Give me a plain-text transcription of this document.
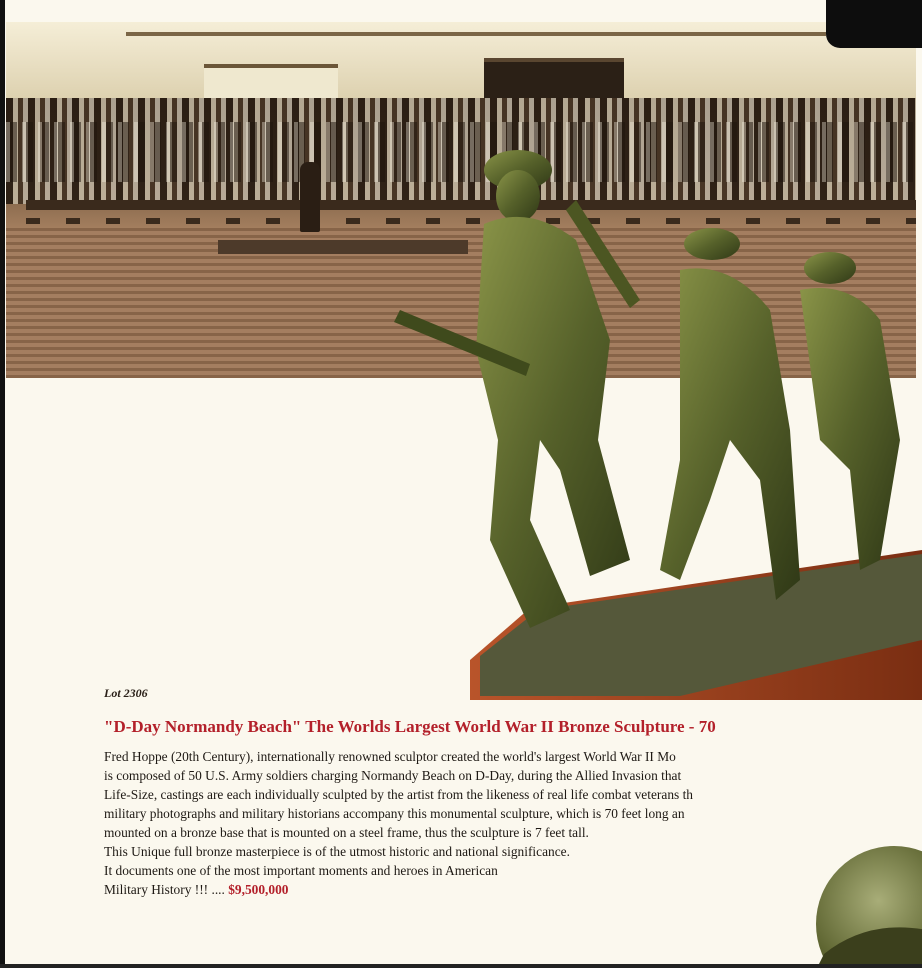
Lot 2306
"D-Day Normandy Beach" The Worlds Largest World War II Bronze Sculpture - 70
Fred Hoppe (20th Century), internationally renowned sculptor created the world's largest World War II Mo
is composed of 50 U.S. Army soldiers charging Normandy Beach on D-Day, during the Allied Invasion that
Life-Size, castings are each individually sculpted by the artist from the likeness of real life combat veterans th
military photographs and military historians accompany this monumental sculpture, which is 70 feet long an
mounted on a bronze base that is mounted on a steel frame, thus the sculpture is 7 feet tall.
This Unique full bronze masterpiece is of the utmost historic and national significance.
It documents one of the most important moments and heroes in American
Military History !!! .... $9,500,000
